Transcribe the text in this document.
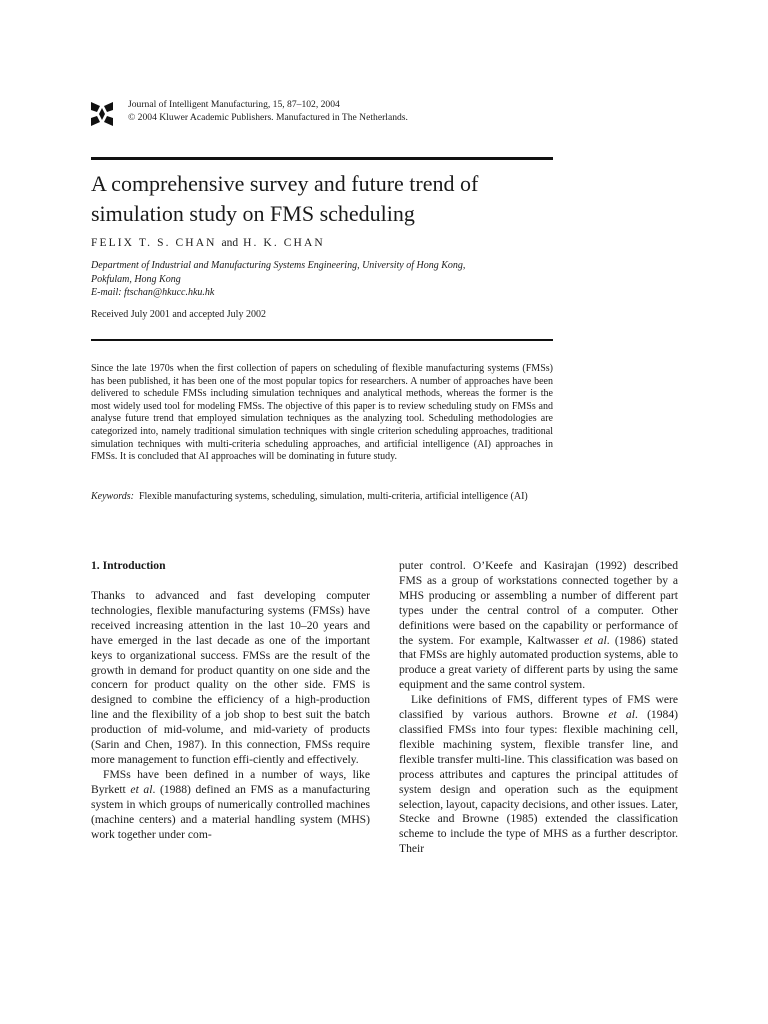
Journal of Intelligent Manufacturing, 15, 87–102, 2004
© 2004 Kluwer Academic Publishers. Manufactured in The Netherlands.
A comprehensive survey and future trend of
simulation study on FMS scheduling
FELIX T. S. CHAN and H. K. CHAN
Department of Industrial and Manufacturing Systems Engineering, University of Hong Kong,
Pokfulam, Hong Kong
E-mail: ftschan@hkucc.hku.hk
Received July 2001 and accepted July 2002
Since the late 1970s when the first collection of papers on scheduling of flexible manufacturing systems (FMSs) has been published, it has been one of the most popular topics for researchers. A number of approaches have been delivered to schedule FMSs including simulation techniques and analytical methods, whereas the former is the most widely used tool for modeling FMSs. The objective of this paper is to review scheduling study on FMSs and analyse future trend that employed simulation techniques as the analyzing tool. Scheduling methodologies are categorized into, namely traditional simulation techniques with single criterion scheduling approaches, traditional simulation techniques with multi-criteria scheduling approaches, and artificial intelligence (AI) approaches in FMSs. It is concluded that AI approaches will be dominating in future study.
Keywords: Flexible manufacturing systems, scheduling, simulation, multi-criteria, artificial intelligence (AI)
1. Introduction

Thanks to advanced and fast developing computer technologies, flexible manufacturing systems (FMSs) have received increasing attention in the last 10–20 years and have emerged in the last decade as one of the important keys to organizational success. FMSs are the result of the growth in demand for product quantity on one side and the concern for product quality on the other side. FMS is designed to combine the efficiency of a high-production line and the flexibility of a job shop to best suit the batch production of mid-volume, and mid-variety of products (Sarin and Chen, 1987). In this connection, FMSs require more management to function effi-ciently and effectively.

FMSs have been defined in a number of ways, like Byrkett et al. (1988) defined an FMS as a manufacturing system in which groups of numerically controlled machines (machine centers) and a material handling system (MHS) work together under com-

puter control. O’Keefe and Kasirajan (1992) described FMS as a group of workstations connected together by a MHS producing or assembling a number of different part types under the central control of a computer. Other definitions were based on the capability or performance of the system. For example, Kaltwasser et al. (1986) stated that FMSs are highly automated production systems, able to produce a great variety of different parts by using the same equipment and the same control system.

Like definitions of FMS, different types of FMS were classified by various authors. Browne et al. (1984) classified FMSs into four types: flexible machining cell, flexible machining system, flexible transfer line, and flexible transfer multi-line. This classification was based on process attributes and captures the principal attitudes of system design and operation such as the equipment selection, layout, capacity decisions, and other issues. Later, Stecke and Browne (1985) extended the classification scheme to include the type of MHS as a further descriptor. Their
